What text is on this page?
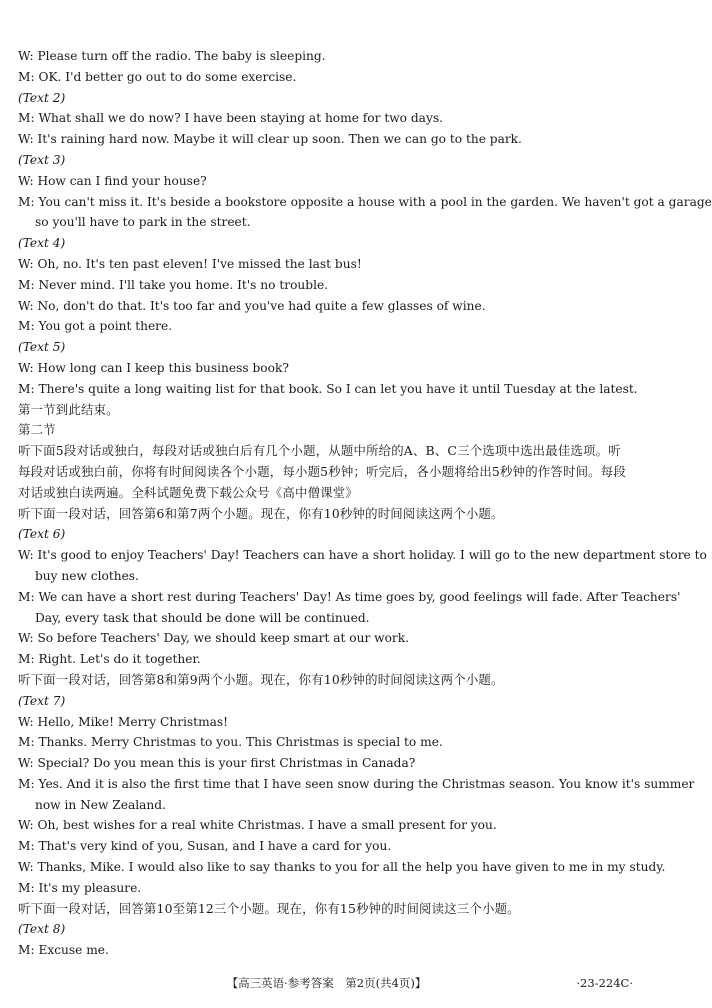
W: Please turn off the radio. The baby is sleeping.
M: OK. I'd better go out to do some exercise.
(Text 2)
M: What shall we do now? I have been staying at home for two days.
W: It's raining hard now. Maybe it will clear up soon. Then we can go to the park.
(Text 3)
W: How can I find your house?
M: You can't miss it. It's beside a bookstore opposite a house with a pool in the garden. We haven't got a garage
so you'll have to park in the street.
(Text 4)
W: Oh, no. It's ten past eleven! I've missed the last bus!
M: Never mind. I'll take you home. It's no trouble.
W: No, don't do that. It's too far and you've had quite a few glasses of wine.
M: You got a point there.
(Text 5)
W: How long can I keep this business book?
M: There's quite a long waiting list for that book. So I can let you have it until Tuesday at the latest.
第一节到此结束。
第二节
听下面5段对话或独白，每段对话或独白后有几个小题，从题中所给的A、B、C三个选项中选出最佳选项。听
每段对话或独白前，你将有时间阅读各个小题，每小题5秒钟；听完后，各小题将给出5秒钟的作答时间。每段
对话或独白读两遍。全科试题免费下载公众号《高中僧课堂》
听下面一段对话，回答第6和第7两个小题。现在，你有10秒钟的时间阅读这两个小题。
(Text 6)
W: It's good to enjoy Teachers' Day! Teachers can have a short holiday. I will go to the new department store to
buy new clothes.
M: We can have a short rest during Teachers' Day! As time goes by, good feelings will fade. After Teachers'
Day, every task that should be done will be continued.
W: So before Teachers' Day, we should keep smart at our work.
M: Right. Let's do it together.
听下面一段对话，回答第8和第9两个小题。现在，你有10秒钟的时间阅读这两个小题。
(Text 7)
W: Hello, Mike! Merry Christmas!
M: Thanks. Merry Christmas to you. This Christmas is special to me.
W: Special? Do you mean this is your first Christmas in Canada?
M: Yes. And it is also the first time that I have seen snow during the Christmas season. You know it's summer
now in New Zealand.
W: Oh, best wishes for a real white Christmas. I have a small present for you.
M: That's very kind of you, Susan, and I have a card for you.
W: Thanks, Mike. I would also like to say thanks to you for all the help you have given to me in my study.
M: It's my pleasure.
听下面一段对话，回答第10至第12三个小题。现在，你有15秒钟的时间阅读这三个小题。
(Text 8)
M: Excuse me.
【高三英语·参考答案　第2页(共4页)】	·23-224C·
